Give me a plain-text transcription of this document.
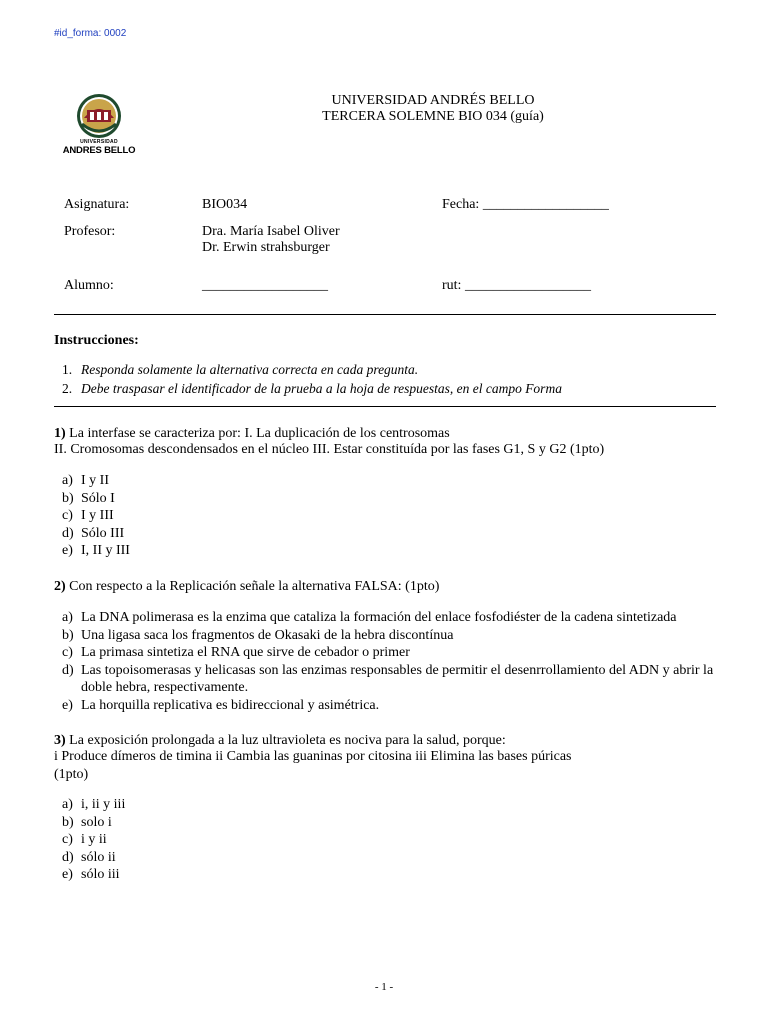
#id_forma: 0002
UNIVERSIDAD
ANDRES BELLO
UNIVERSIDAD ANDRÉS BELLO
TERCERA SOLEMNE BIO 034 (guía)
Asignatura:	BIO034	Fecha: __________________
Profesor:	Dra. María Isabel Oliver
Dr. Erwin strahsburger
Alumno:	__________________	rut: __________________
Instrucciones:
1. Responda solamente la alternativa correcta en cada pregunta.
2. Debe traspasar el identificador de la prueba a la hoja de respuestas, en el campo Forma
1) La interfase se caracteriza por: I. La duplicación de los centrosomas
II. Cromosomas descondensados en el núcleo III. Estar constituída por las fases G1, S y G2 (1pto)
a) I y II
b) Sólo I
c) I y III
d) Sólo III
e) I, II y III
2) Con respecto a la Replicación señale la alternativa FALSA: (1pto)
a) La DNA polimerasa es la enzima que cataliza la formación del enlace fosfodiéster de la cadena sintetizada
b) Una ligasa saca los fragmentos de Okasaki de la hebra discontínua
c) La primasa sintetiza el RNA que sirve de cebador o primer
d) Las topoisomerasas y helicasas son las enzimas responsables de permitir el desenrrollamiento del ADN y abrir la
doble hebra, respectivamente.
e) La horquilla replicativa es bidireccional y asimétrica.
3) La exposición prolongada a la luz ultravioleta es nociva para la salud, porque:
i Produce dímeros de timina ii Cambia las guaninas por citosina iii Elimina las bases púricas
(1pto)
a) i, ii y iii
b) solo i
c) i y ii
d) sólo ii
e) sólo iii
- 1 -
